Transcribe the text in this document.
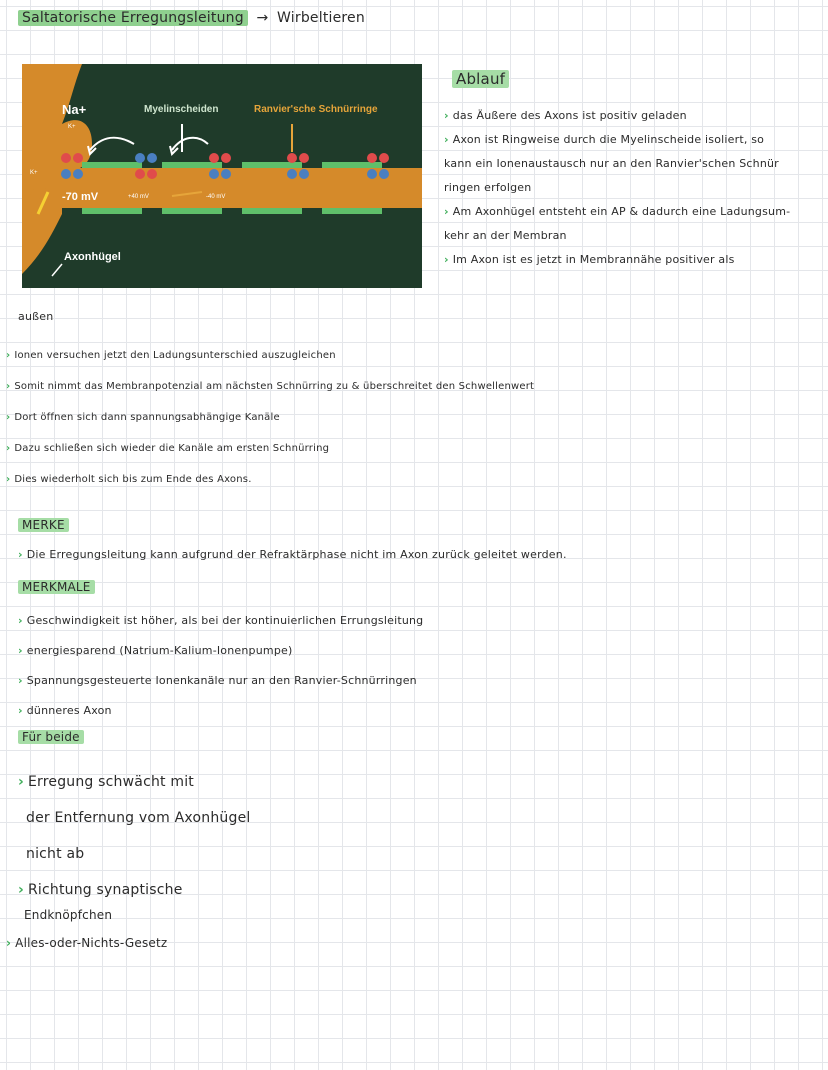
Saltatorische Erregungsleitung → Wirbeltieren
Na+
K+
Myelinscheiden	Ranvier'sche Schnürringe
K+
-70 mV	+40 mV	-40 mV
Axonhügel
Ablauf
› das Äußere des Axons ist positiv geladen
› Axon ist Ringweise durch die Myelinscheide isoliert, so
kann ein Ionenaustausch nur an den Ranvier'schen Schnür
ringen erfolgen
› Am Axonhügel entsteht ein AP & dadurch eine Ladungsum-
kehr an der Membran
› Im Axon ist es jetzt in Membrannähe positiver als
außen
› Ionen versuchen jetzt den Ladungsunterschied auszugleichen
› Somit nimmt das Membranpotenzial am nächsten Schnürring zu & überschreitet den Schwellenwert
› Dort öffnen sich dann spannungsabhängige Kanäle
› Dazu schließen sich wieder die Kanäle am ersten Schnürring
› Dies wiederholt sich bis zum Ende des Axons.
MERKE
› Die Erregungsleitung kann aufgrund der Refraktärphase nicht im Axon zurück geleitet werden.
MERKMALE
› Geschwindigkeit ist höher, als bei der kontinuierlichen Errungsleitung
› energiesparend (Natrium-Kalium-Ionenpumpe)
› Spannungsgesteuerte Ionenkanäle nur an den Ranvier-Schnürringen
› dünneres Axon
Für beide
› Erregung schwächt mit
der Entfernung vom Axonhügel
nicht ab
› Richtung synaptische
Endknöpfchen
› Alles-oder-Nichts-Gesetz
